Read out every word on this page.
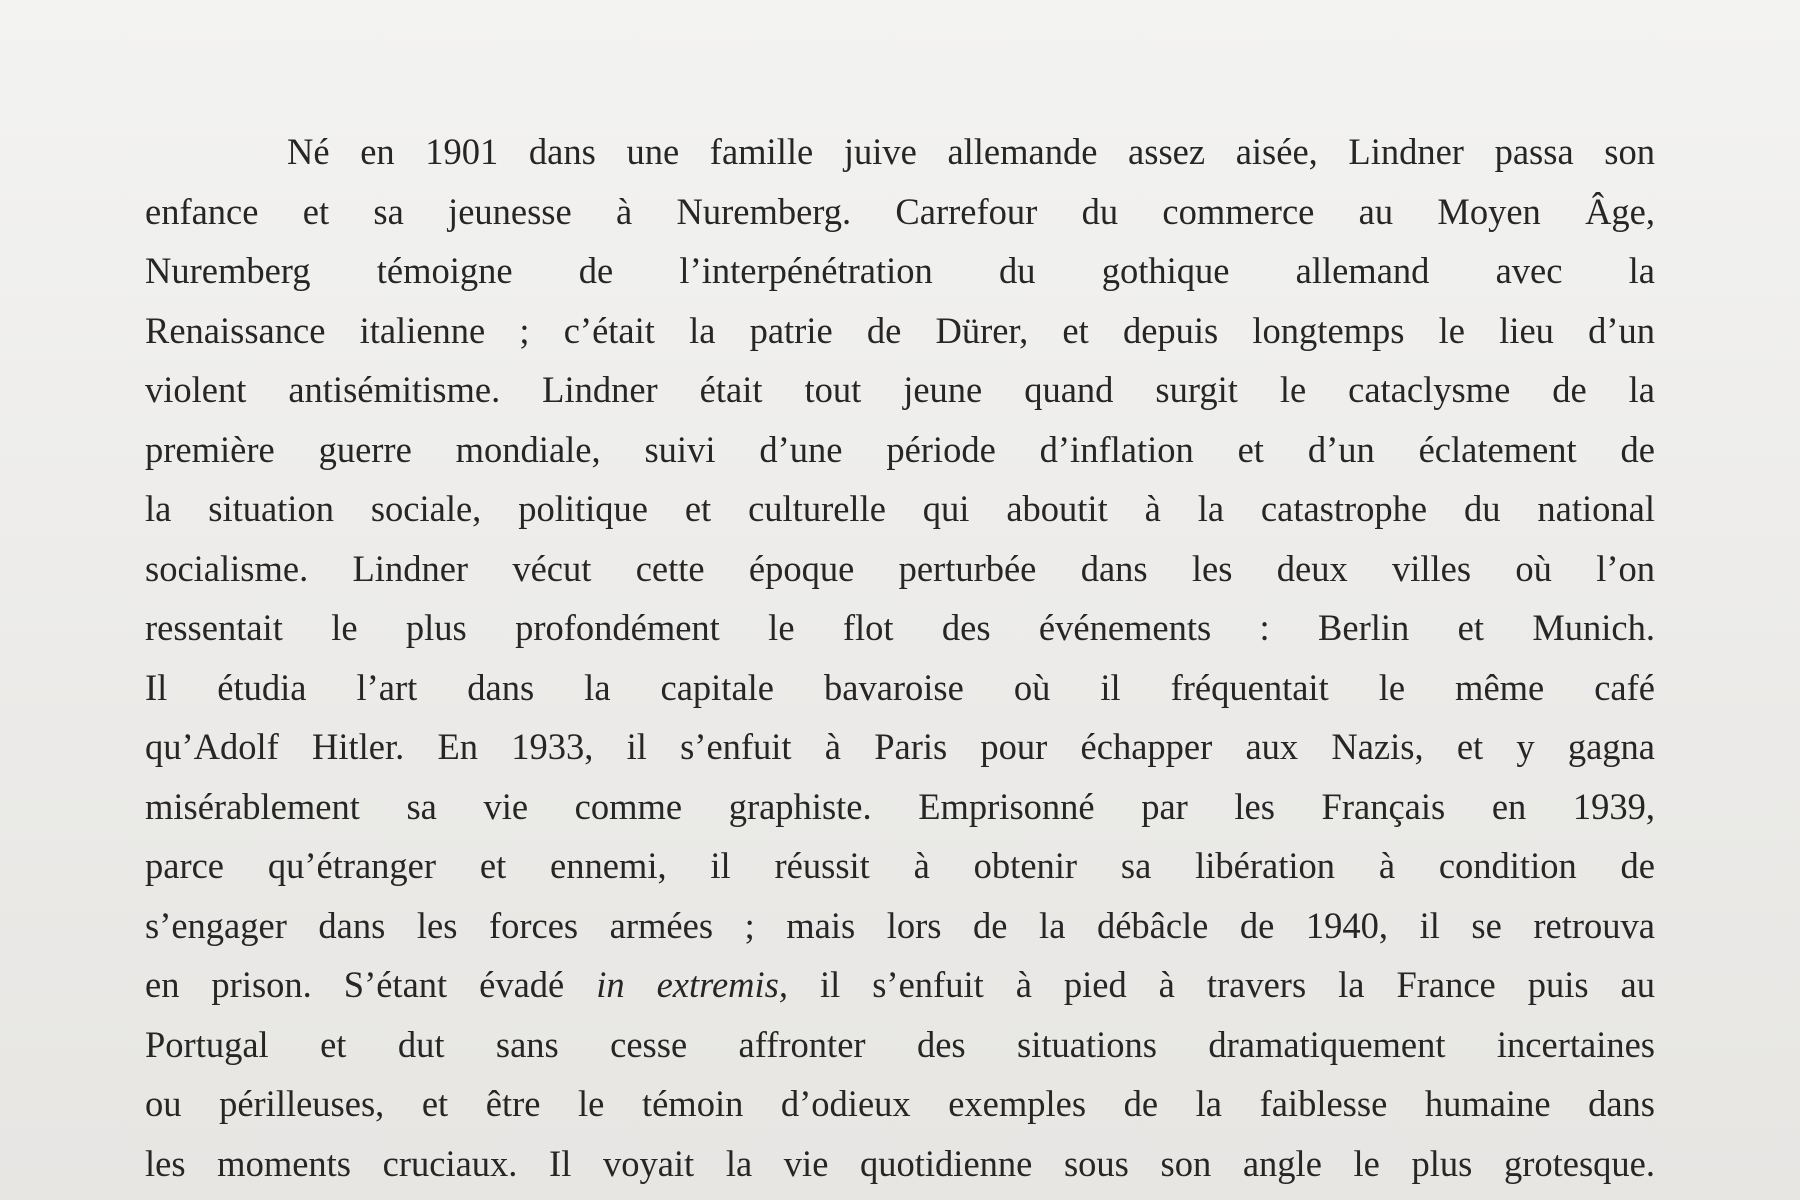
Né en 1901 dans une famille juive allemande assez aisée, Lindner passa son
enfance et sa jeunesse à Nuremberg. Carrefour du commerce au Moyen Âge,
Nuremberg témoigne de l’interpénétration du gothique allemand avec la
Renaissance italienne ; c’était la patrie de Dürer, et depuis longtemps le lieu d’un
violent antisémitisme. Lindner était tout jeune quand surgit le cataclysme de la
première guerre mondiale, suivi d’une période d’inflation et d’un éclatement de
la situation sociale, politique et culturelle qui aboutit à la catastrophe du national
socialisme. Lindner vécut cette époque perturbée dans les deux villes où l’on
ressentait le plus profondément le flot des événements : Berlin et Munich.
Il étudia l’art dans la capitale bavaroise où il fréquentait le même café
qu’Adolf Hitler. En 1933, il s’enfuit à Paris pour échapper aux Nazis, et y gagna
misérablement sa vie comme graphiste. Emprisonné par les Français en 1939,
parce qu’étranger et ennemi, il réussit à obtenir sa libération à condition de
s’engager dans les forces armées ; mais lors de la débâcle de 1940, il se retrouva
en prison. S’étant évadé in extremis, il s’enfuit à pied à travers la France puis au
Portugal et dut sans cesse affronter des situations dramatiquement incertaines
ou périlleuses, et être le témoin d’odieux exemples de la faiblesse humaine dans
les moments cruciaux. Il voyait la vie quotidienne sous son angle le plus grotesque.
